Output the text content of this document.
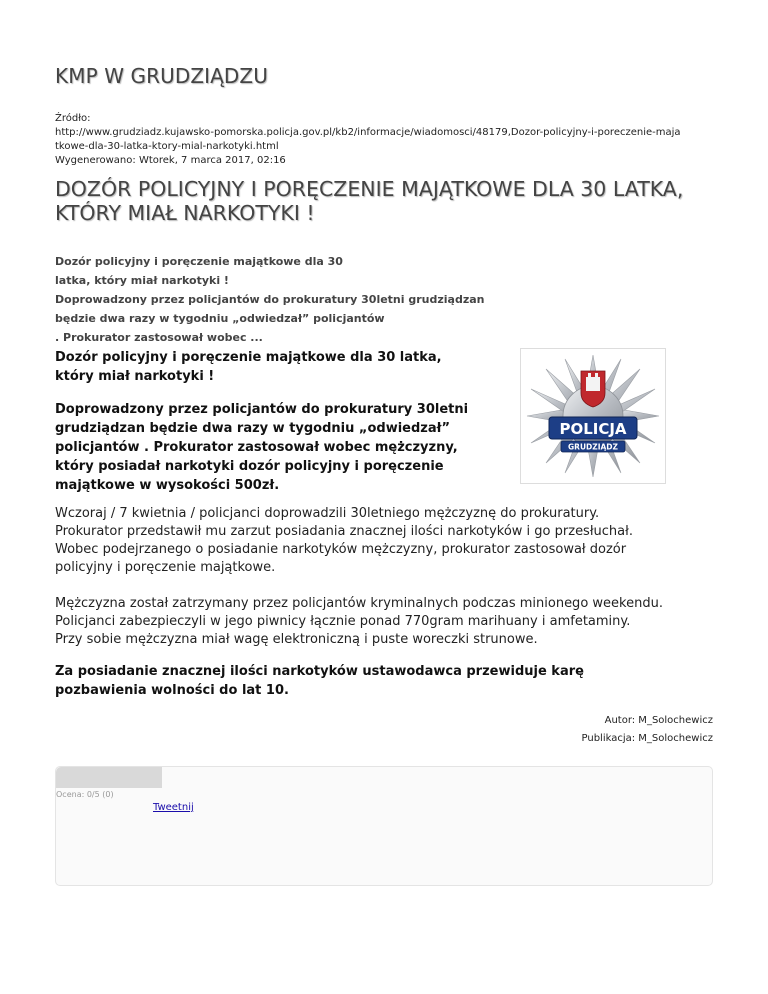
KMP W GRUDZIĄDZU
Źródło:
http://www.grudziadz.kujawsko-pomorska.policja.gov.pl/kb2/informacje/wiadomosci/48179,Dozor-policyjny-i-poreczenie-maja
tkowe-dla-30-latka-ktory-mial-narkotyki.html
Wygenerowano: Wtorek, 7 marca 2017, 02:16
DOZÓR POLICYJNY I PORĘCZENIE MAJĄTKOWE DLA 30 LATKA,
KTÓRY MIAŁ NARKOTYKI !
Dozór policyjny i poręczenie majątkowe dla 30
latka, który miał narkotyki !
Doprowadzony przez policjantów do prokuratury 30letni grudziądzan
będzie dwa razy w tygodniu „odwiedzał” policjantów
. Prokurator zastosował wobec ...
Dozór policyjny i poręczenie majątkowe dla 30 latka,
który miał narkotyki !
Doprowadzony przez policjantów do prokuratury 30letni
grudziądzan będzie dwa razy w tygodniu „odwiedzał”
policjantów . Prokurator zastosował wobec mężczyzny,
który posiadał narkotyki dozór policyjny i poręczenie
majątkowe w wysokości 500zł.
POLICJA
GRUDZIĄDZ
Wczoraj / 7 kwietnia / policjanci doprowadzili 30letniego mężczyznę do prokuratury.
Prokurator przedstawił mu zarzut posiadania znacznej ilości narkotyków i go przesłuchał.
Wobec podejrzanego o posiadanie narkotyków mężczyzny, prokurator zastosował dozór
policyjny i poręczenie majątkowe.
Mężczyzna został zatrzymany przez policjantów kryminalnych podczas minionego weekendu.
Policjanci zabezpieczyli w jego piwnicy łącznie ponad 770gram marihuany i amfetaminy.
Przy sobie mężczyzna miał wagę elektroniczną i puste woreczki strunowe.
Za posiadanie znacznej ilości narkotyków ustawodawca przewiduje karę
pozbawienia wolności do lat 10.
Autor: M_Solochewicz
Publikacja: M_Solochewicz
Ocena: 0/5 (0)
Tweetnij
